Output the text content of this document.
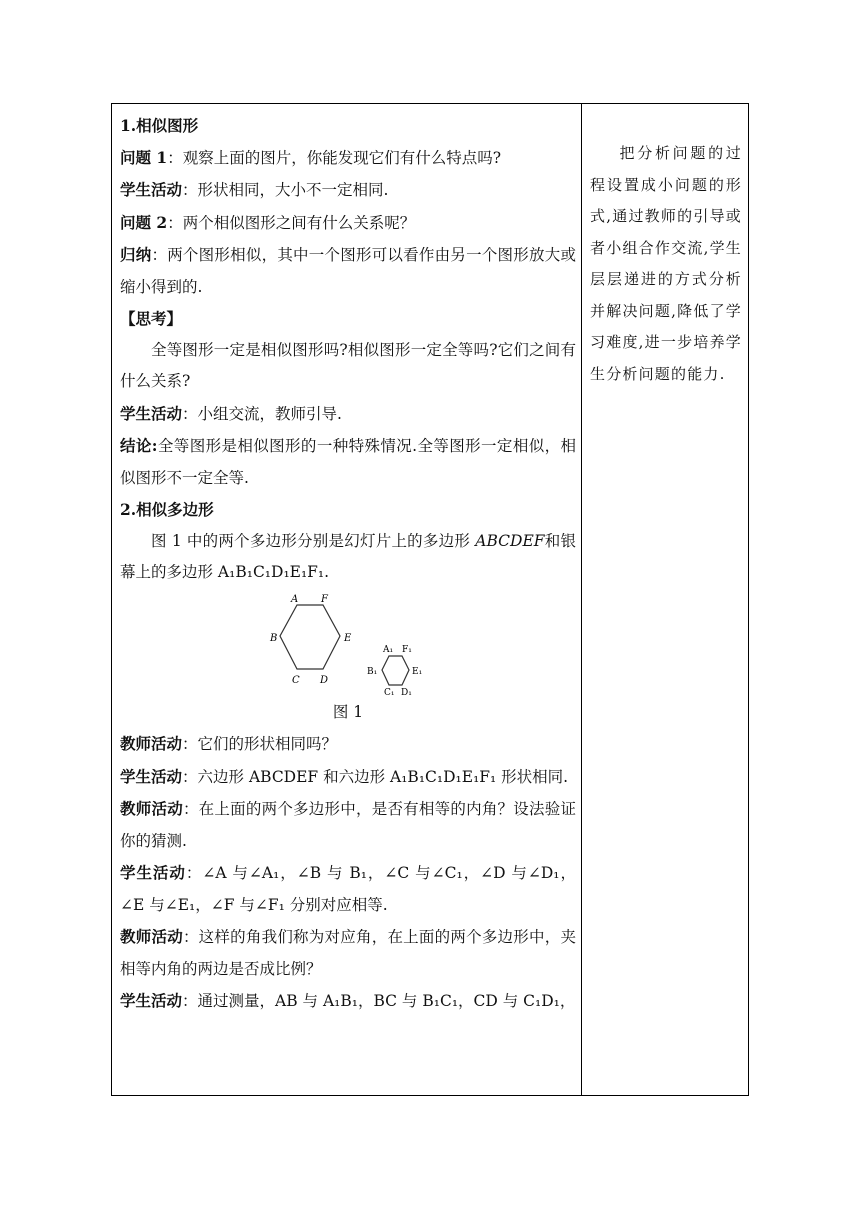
1.相似图形

问题 1：观察上面的图片，你能发现它们有什么特点吗?

学生活动：形状相同，大小不一定相同.

问题 2：两个相似图形之间有什么关系呢？

归纳：两个图形相似，其中一个图形可以看作由另一个图形放大或缩小得到的.

【思考】

全等图形一定是相似图形吗?相似图形一定全等吗?它们之间有什么关系?

学生活动：小组交流，教师引导.

结论:全等图形是相似图形的一种特殊情况.全等图形一定相似，相似图形不一定全等.

2.相似多边形

图 1 中的两个多边形分别是幻灯片上的多边形 ABCDEF和银幕上的多边形 A₁B₁C₁D₁E₁F₁.

A F
B	E
C D
A₁ F₁
B₁	E₁
C₁ D₁

图 1

教师活动：它们的形状相同吗？

学生活动：六边形 ABCDEF 和六边形 A₁B₁C₁D₁E₁F₁ 形状相同.

教师活动：在上面的两个多边形中，是否有相等的内角？设法验证你的猜测.

学生活动：∠A 与∠A₁，∠B 与 B₁，∠C 与∠C₁，∠D 与∠D₁，∠E 与∠E₁，∠F 与∠F₁ 分别对应相等.

教师活动：这样的角我们称为对应角，在上面的两个多边形中，夹相等内角的两边是否成比例？

学生活动：通过测量，AB 与 A₁B₁，BC 与 B₁C₁，CD 与 C₁D₁，

把分析问题的过程设置成小问题的形式,通过教师的引导或者小组合作交流,学生层层递进的方式分析并解决问题,降低了学习难度,进一步培养学生分析问题的能力.
